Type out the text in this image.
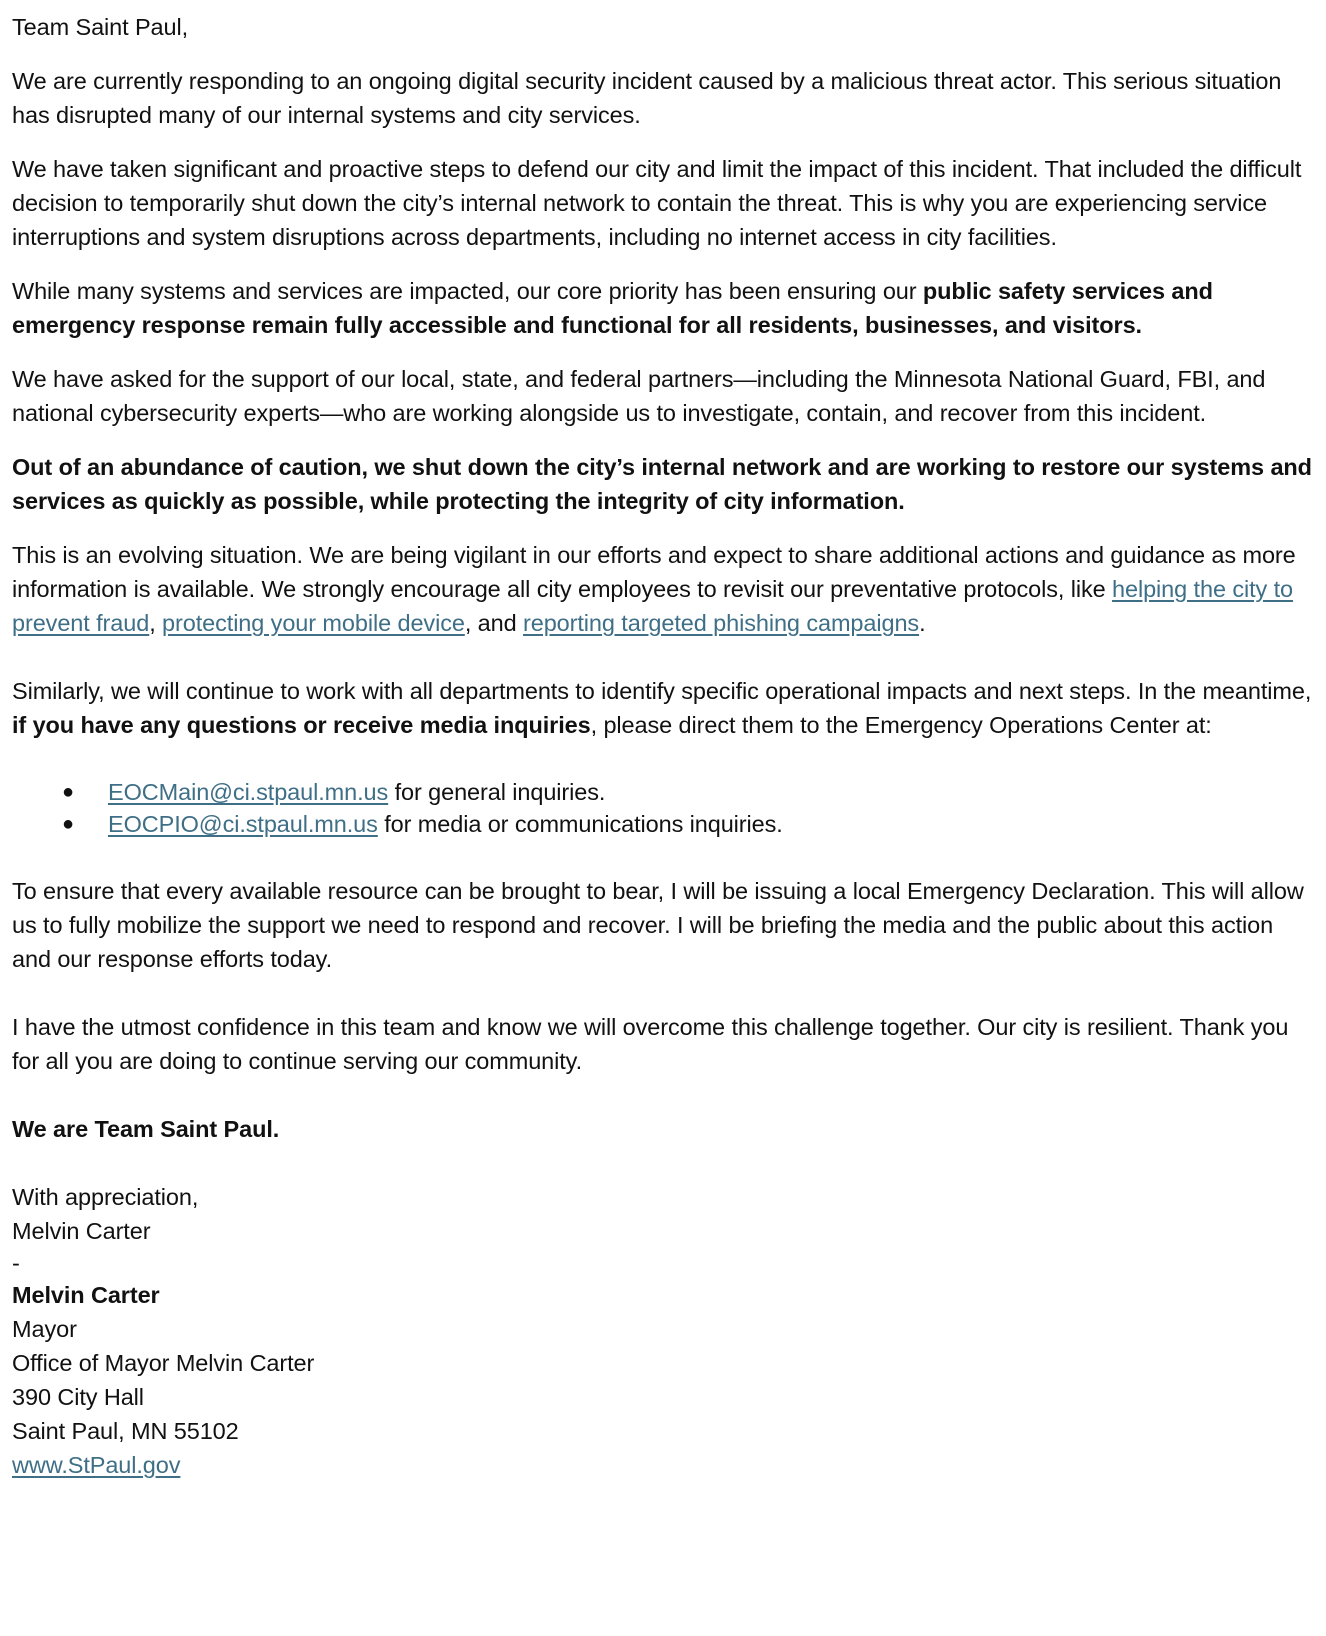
Team Saint Paul,

We are currently responding to an ongoing digital security incident caused by a malicious threat actor. This serious situation has disrupted many of our internal systems and city services.

We have taken significant and proactive steps to defend our city and limit the impact of this incident. That included the difficult decision to temporarily shut down the city’s internal network to contain the threat. This is why you are experiencing service interruptions and system disruptions across departments, including no internet access in city facilities.

While many systems and services are impacted, our core priority has been ensuring our public safety services and emergency response remain fully accessible and functional for all residents, businesses, and visitors.

We have asked for the support of our local, state, and federal partners—including the Minnesota National Guard, FBI, and national cybersecurity experts—who are working alongside us to investigate, contain, and recover from this incident.

Out of an abundance of caution, we shut down the city’s internal network and are working to restore our systems and services as quickly as possible, while protecting the integrity of city information.

This is an evolving situation. We are being vigilant in our efforts and expect to share additional actions and guidance as more information is available. We strongly encourage all city employees to revisit our preventative protocols, like helping the city to prevent fraud, protecting your mobile device, and reporting targeted phishing campaigns.

Similarly, we will continue to work with all departments to identify specific operational impacts and next steps. In the meantime, if you have any questions or receive media inquiries, please direct them to the Emergency Operations Center at:

● EOCMain@ci.stpaul.mn.us for general inquiries.
● EOCPIO@ci.stpaul.mn.us for media or communications inquiries.

To ensure that every available resource can be brought to bear, I will be issuing a local Emergency Declaration. This will allow us to fully mobilize the support we need to respond and recover. I will be briefing the media and the public about this action and our response efforts today.

I have the utmost confidence in this team and know we will overcome this challenge together. Our city is resilient. Thank you for all you are doing to continue serving our community.

We are Team Saint Paul.

With appreciation,

Melvin Carter

-

Melvin Carter

Mayor

Office of Mayor Melvin Carter

390 City Hall

Saint Paul, MN 55102

www.StPaul.gov
